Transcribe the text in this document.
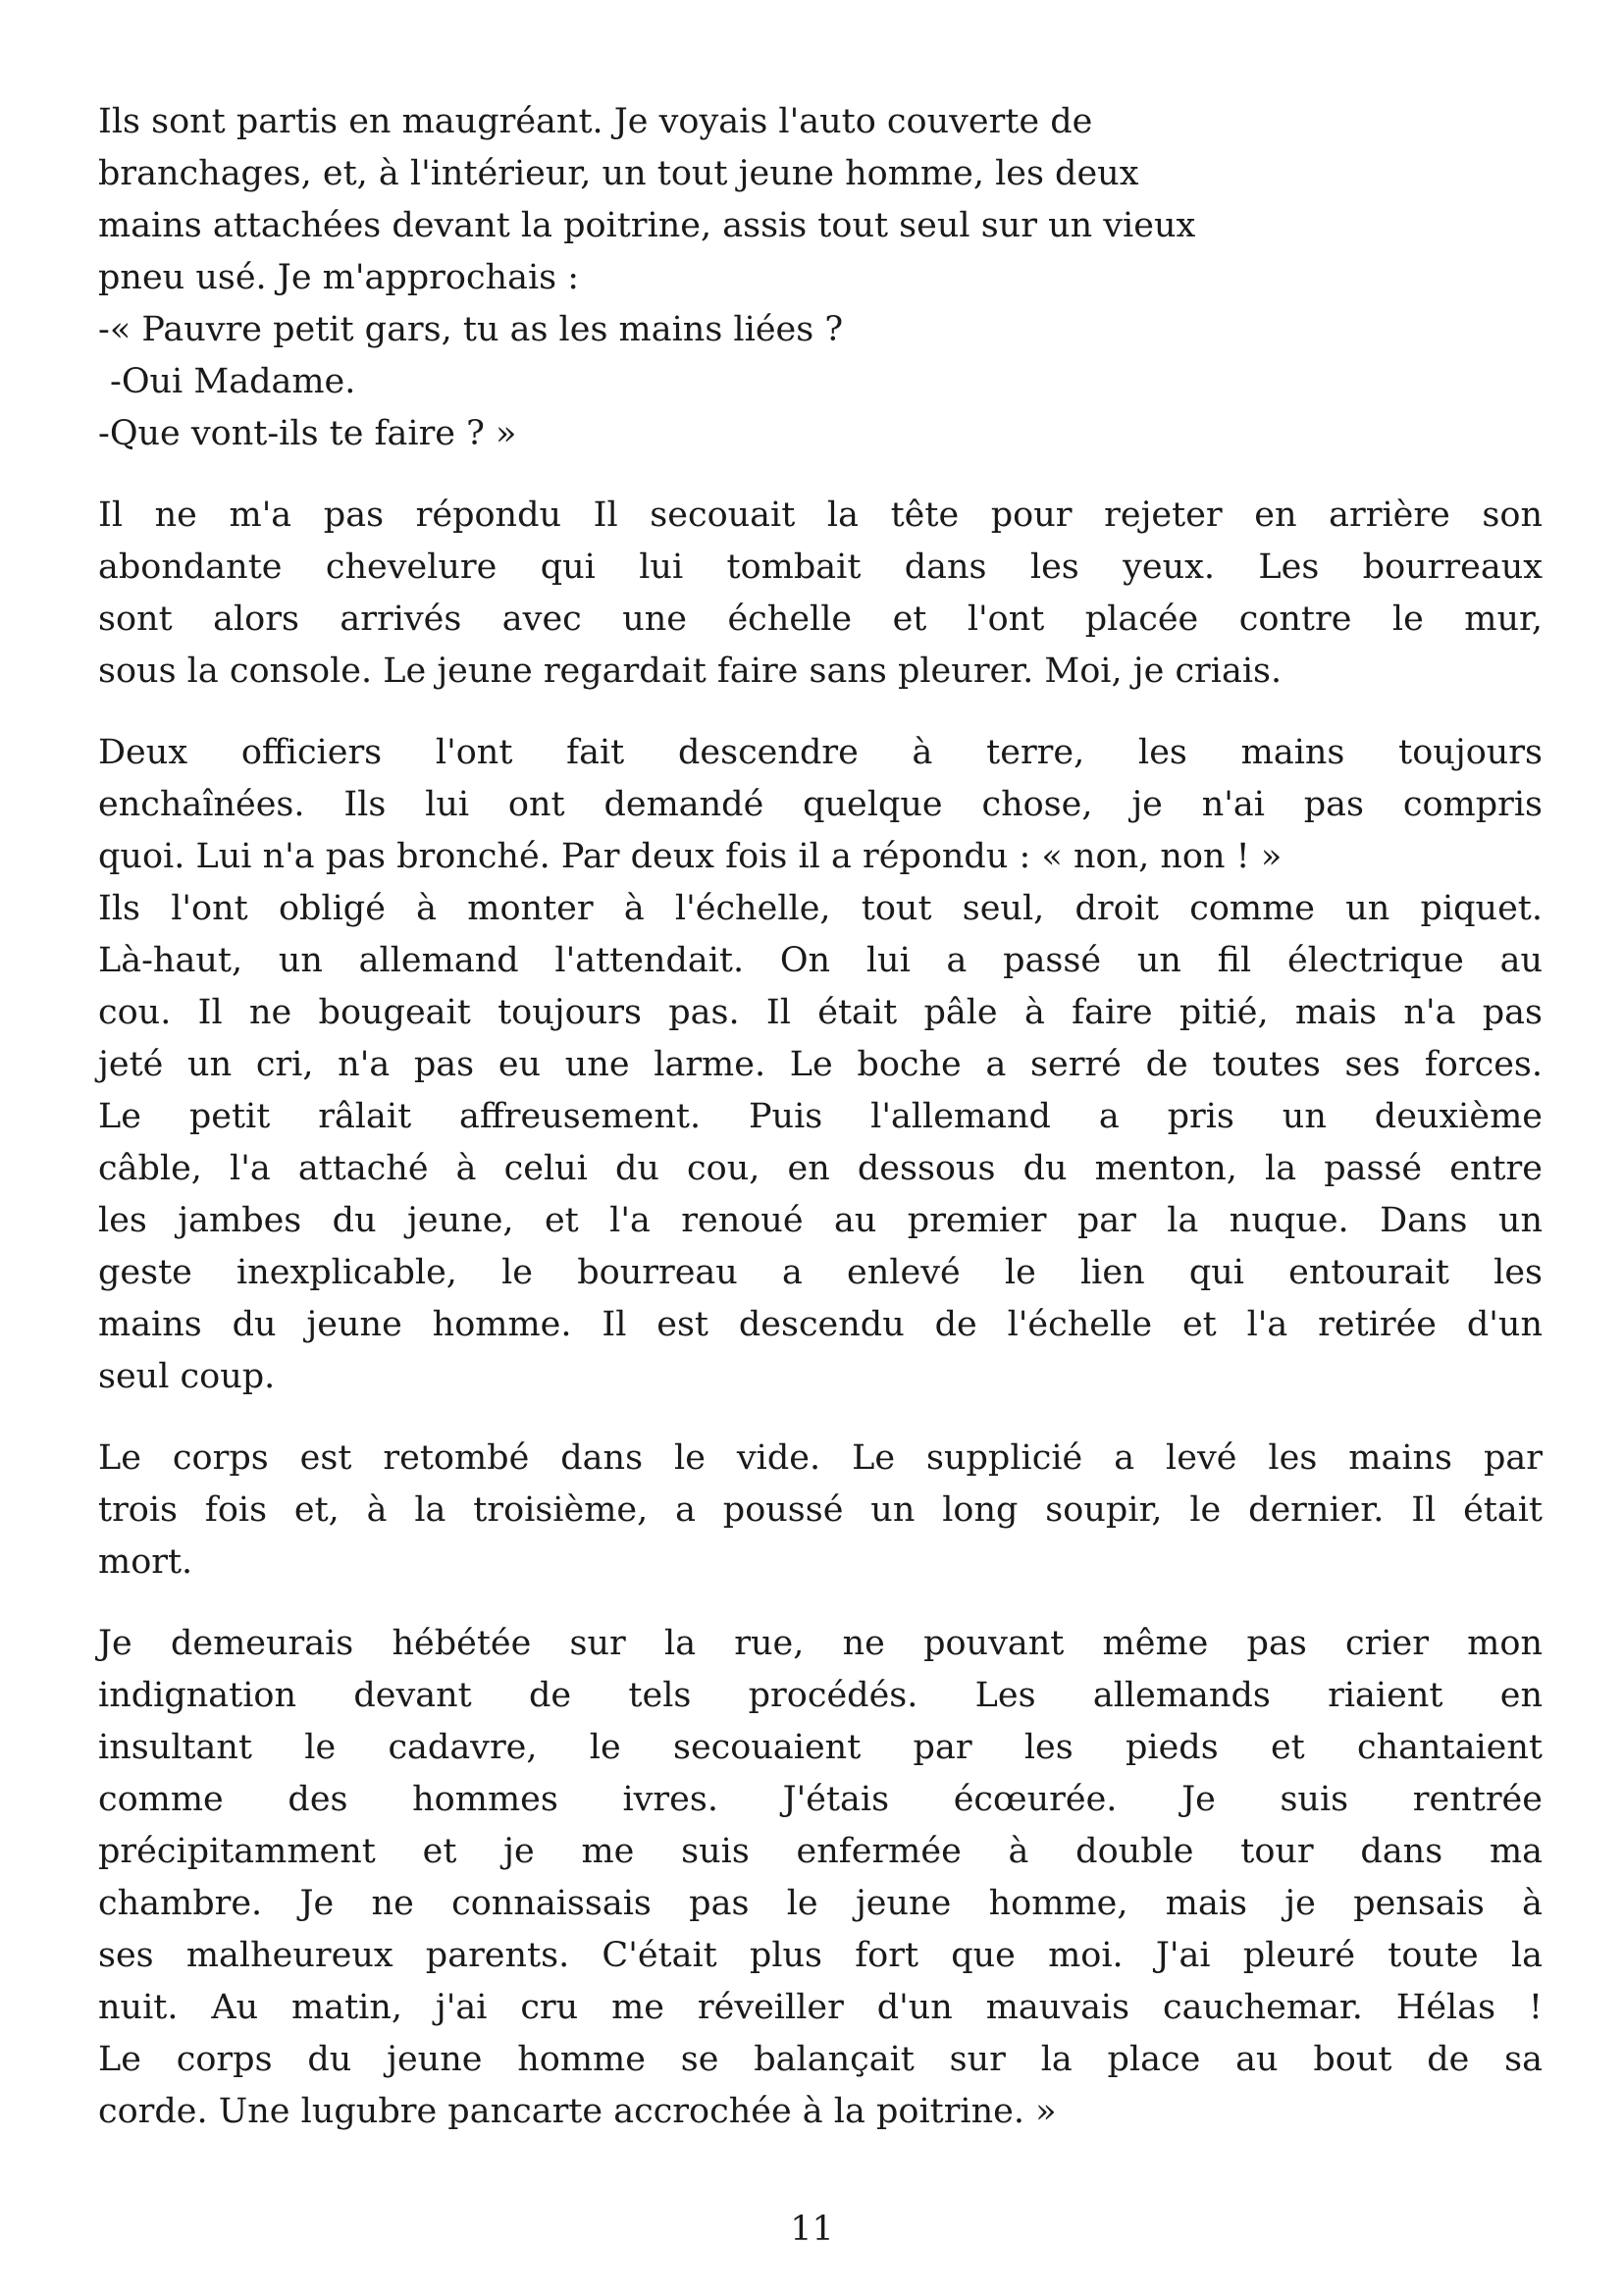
Ils sont partis en maugréant. Je voyais l'auto couverte de
branchages, et, à l'intérieur, un tout jeune homme, les deux
mains attachées devant la poitrine, assis tout seul sur un vieux
pneu usé. Je m'approchais :
-« Pauvre petit gars, tu as les mains liées ?
-Oui Madame.
-Que vont-ils te faire ? »
Il ne m'a pas répondu Il secouait la tête pour rejeter en arrière son
abondante chevelure qui lui tombait dans les yeux. Les bourreaux
sont alors arrivés avec une échelle et l'ont placée contre le mur,
sous la console. Le jeune regardait faire sans pleurer. Moi, je criais.
Deux officiers l'ont fait descendre à terre, les mains toujours
enchaînées. Ils lui ont demandé quelque chose, je n'ai pas compris
quoi. Lui n'a pas bronché. Par deux fois il a répondu : « non, non ! »
Ils l'ont obligé à monter à l'échelle, tout seul, droit comme un piquet.
Là-haut, un allemand l'attendait. On lui a passé un fil électrique au
cou. Il ne bougeait toujours pas. Il était pâle à faire pitié, mais n'a pas
jeté un cri, n'a pas eu une larme. Le boche a serré de toutes ses forces.
Le petit râlait affreusement. Puis l'allemand a pris un deuxième
câble, l'a attaché à celui du cou, en dessous du menton, la passé entre
les jambes du jeune, et l'a renoué au premier par la nuque. Dans un
geste inexplicable, le bourreau a enlevé le lien qui entourait les
mains du jeune homme. Il est descendu de l'échelle et l'a retirée d'un
seul coup.
Le corps est retombé dans le vide. Le supplicié a levé les mains par
trois fois et, à la troisième, a poussé un long soupir, le dernier. Il était
mort.
Je demeurais hébétée sur la rue, ne pouvant même pas crier mon
indignation devant de tels procédés. Les allemands riaient en
insultant le cadavre, le secouaient par les pieds et chantaient
comme des hommes ivres. J'étais écœurée. Je suis rentrée
précipitamment et je me suis enfermée à double tour dans ma
chambre. Je ne connaissais pas le jeune homme, mais je pensais à
ses malheureux parents. C'était plus fort que moi. J'ai pleuré toute la
nuit. Au matin, j'ai cru me réveiller d'un mauvais cauchemar. Hélas !
Le corps du jeune homme se balançait sur la place au bout de sa
corde. Une lugubre pancarte accrochée à la poitrine. »
11
